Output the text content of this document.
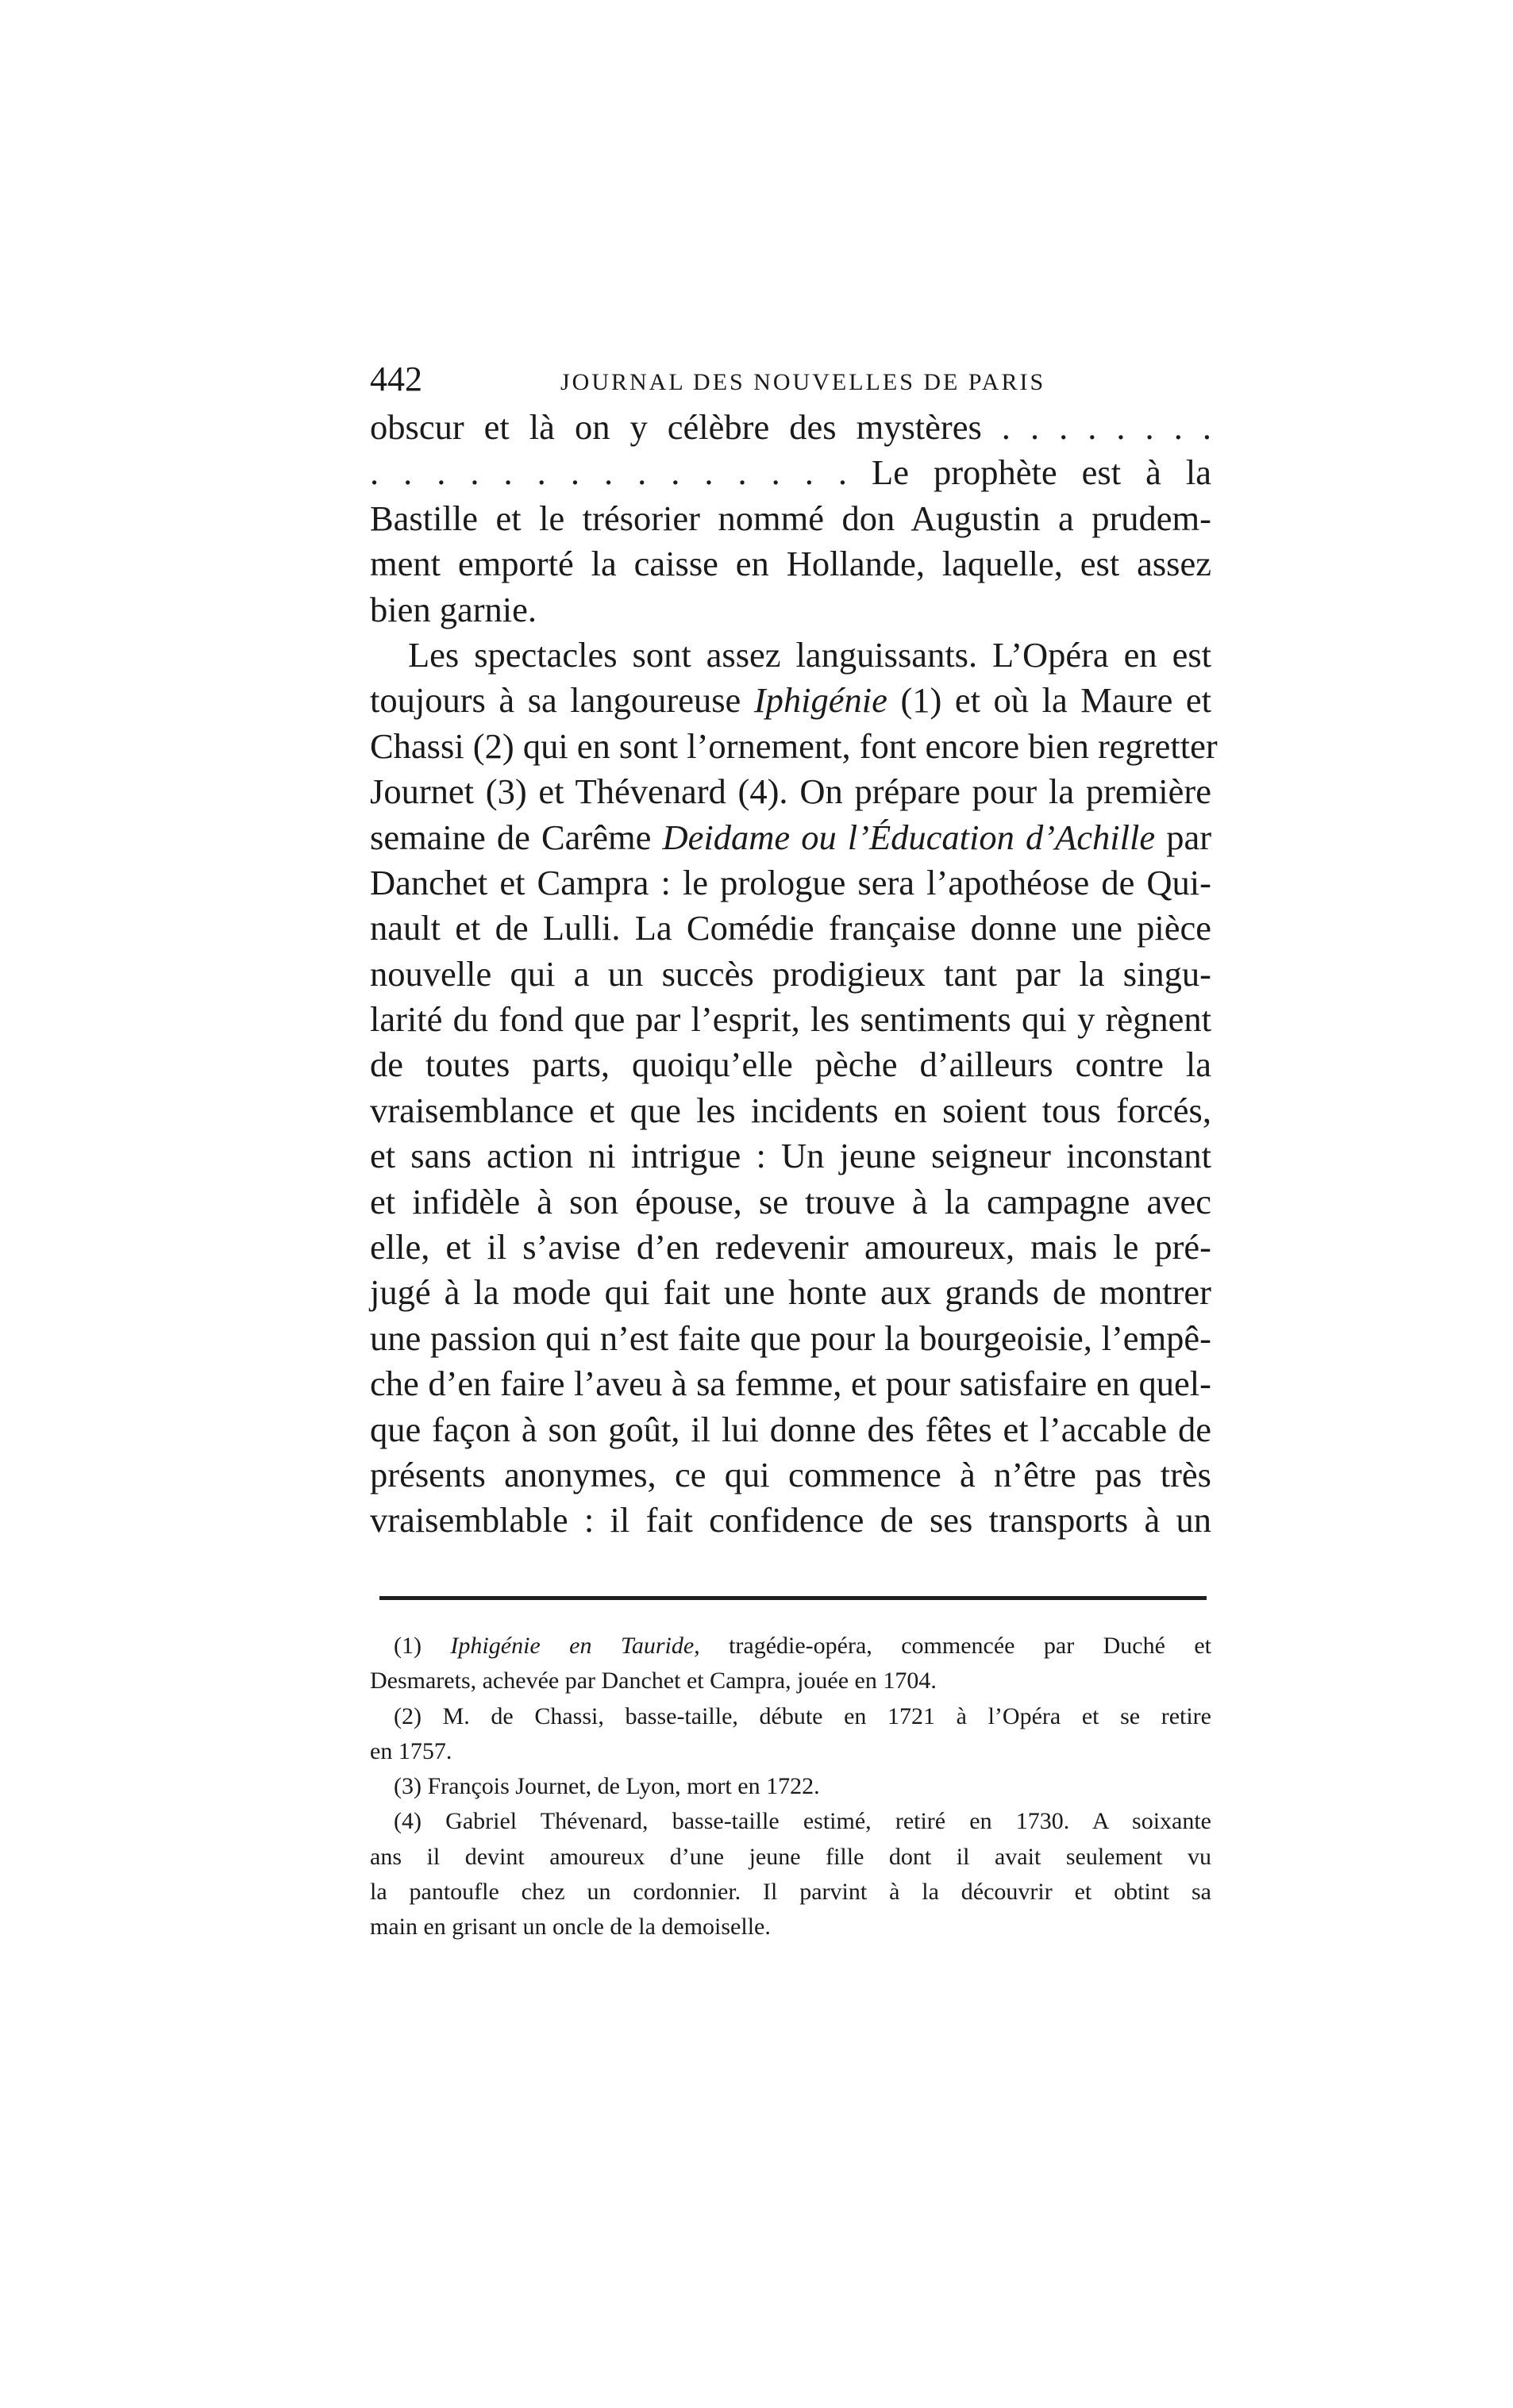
442	JOURNAL DES NOUVELLES DE PARIS
obscur et là on y célèbre des mystères . . . . . . . .
. . . . . . . . . . . . . . . Le prophète est à la
Bastille et le trésorier nommé don Augustin a prudem-
ment emporté la caisse en Hollande, laquelle, est assez
bien garnie.
Les spectacles sont assez languissants. L’Opéra en est
toujours à sa langoureuse Iphigénie (1) et où la Maure et
Chassi (2) qui en sont l’ornement, font encore bien regretter
Journet (3) et Thévenard (4). On prépare pour la première
semaine de Carême Deidame ou l’Éducation d’Achille par
Danchet et Campra : le prologue sera l’apothéose de Qui-
nault et de Lulli. La Comédie française donne une pièce
nouvelle qui a un succès prodigieux tant par la singu-
larité du fond que par l’esprit, les sentiments qui y règnent
de toutes parts, quoiqu’elle pèche d’ailleurs contre la
vraisemblance et que les incidents en soient tous forcés,
et sans action ni intrigue : Un jeune seigneur inconstant
et infidèle à son épouse, se trouve à la campagne avec
elle, et il s’avise d’en redevenir amoureux, mais le pré-
jugé à la mode qui fait une honte aux grands de montrer
une passion qui n’est faite que pour la bourgeoisie, l’empê-
che d’en faire l’aveu à sa femme, et pour satisfaire en quel-
que façon à son goût, il lui donne des fêtes et l’accable de
présents anonymes, ce qui commence à n’être pas très
vraisemblable : il fait confidence de ses transports à un
(1) Iphigénie en Tauride, tragédie-opéra, commencée par Duché et
Desmarets, achevée par Danchet et Campra, jouée en 1704.
(2) M. de Chassi, basse-taille, débute en 1721 à l’Opéra et se retire
en 1757.
(3) François Journet, de Lyon, mort en 1722.
(4) Gabriel Thévenard, basse-taille estimé, retiré en 1730. A soixante
ans il devint amoureux d’une jeune fille dont il avait seulement vu
la pantoufle chez un cordonnier. Il parvint à la découvrir et obtint sa
main en grisant un oncle de la demoiselle.
